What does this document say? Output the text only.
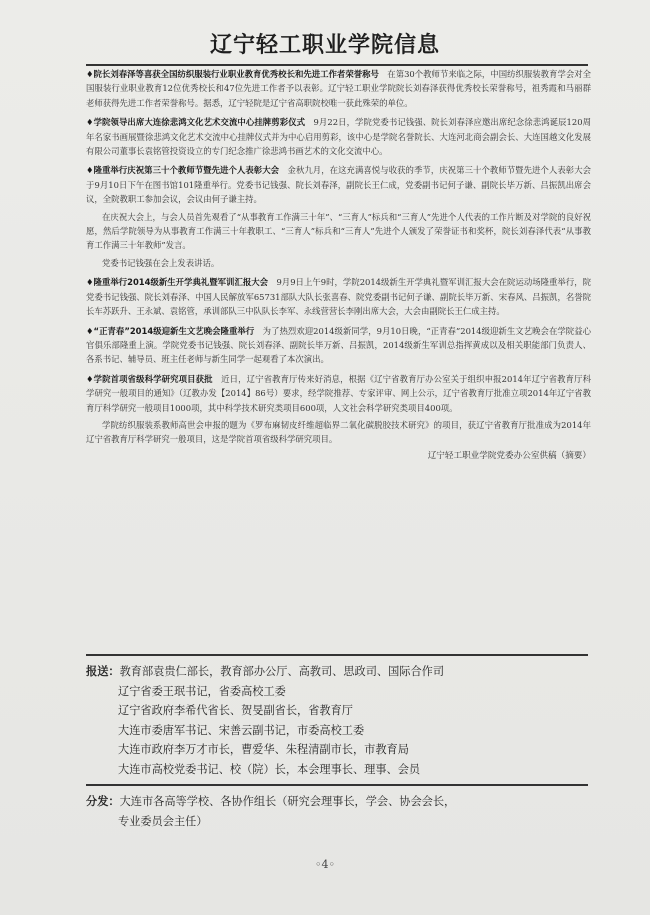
辽宁轻工职业学院信息

♦院长刘春泽等喜获全国纺织服装行业职业教育优秀校长和先进工作者荣誉称号  在第30个教师节来临之际，中国纺织服装教育学会对全国服装行业职业教育12位优秀校长和47位先进工作者予以表彰。辽宁轻工职业学院院长刘春泽获得优秀校长荣誉称号，祖秀霞和马丽群老师获得先进工作者荣誉称号。据悉，辽宁轻院是辽宁省高职院校唯一获此殊荣的单位。

♦学院领导出席大连徐悲鸿文化艺术交流中心挂牌剪彩仪式  9月22日，学院党委书记钱强、院长刘春泽应邀出席纪念徐悲鸿诞辰120周年名家书画展暨徐悲鸿文化艺术交流中心挂牌仪式并为中心启用剪彩，该中心是学院名誉院长、大连河北商会副会长、大连国越文化发展有限公司董事长袁铭管投资设立的专门纪念推广徐悲鸿书画艺术的文化交流中心。

♦隆重举行庆祝第三十个教师节暨先进个人表彰大会  金秋九月，在这充满喜悦与收获的季节，庆祝第三十个教师节暨先进个人表彰大会于9月10日下午在图书馆101隆重举行。党委书记钱强、院长刘春泽，副院长王仁成，党委副书记何子谦、副院长毕万新、吕振凯出席会议，全院教职工参加会议，会议由何子谦主持。

在庆祝大会上，与会人员首先观看了“从事教育工作满三十年”、“三育人”标兵和“三育人”先进个人代表的工作片断及对学院的良好祝愿，然后学院领导为从事教育工作满三十年教职工、“三育人”标兵和“三育人”先进个人颁发了荣誉证书和奖杯，院长刘春泽代表“从事教育工作满三十年教师”发言。

党委书记钱强在会上发表讲话。

♦隆重举行2014级新生开学典礼暨军训汇报大会  9月9日上午9时，学院2014级新生开学典礼暨军训汇报大会在院运动场隆重举行，院党委书记钱强、院长刘春泽、中国人民解放军65731部队大队长张喜春、院党委副书记何子谦、副院长毕万新、宋春风、吕振凯，名誉院长车苏跃升、王永斌、袁铭管，承训部队三中队队长李军、永线营营长李刚出席大会，大会由副院长王仁成主持。

♦“正青春”2014级迎新生文艺晚会隆重举行  为了热烈欢迎2014级新同学，9月10日晚，“正青春”2014级迎新生文艺晚会在学院益心官俱乐部隆重上演。学院党委书记钱强、院长刘春泽、副院长毕万新、吕振凯，2014级新生军训总指挥黄成以及相关职能部门负责人、各系书记、辅导员、班主任老师与新生同学一起观看了本次演出。

♦学院首项省级科学研究项目获批  近日，辽宁省教育厅传来好消息，根据《辽宁省教育厅办公室关于组织申报2014年辽宁省教育厅科学研究一般项目的通知》（辽教办发【2014】86号）要求，经学院推荐、专家评审、网上公示，辽宁省教育厅批准立项2014年辽宁省教育厅科学研究一般项目1000项，其中科学技术研究类项目600项，人文社会科学研究类项目400项。

学院纺织服装系教师高世会申报的题为《罗布麻韧皮纤维超临界二氧化碳脱胶技术研究》的项目，获辽宁省教育厅批准成为2014年辽宁省教育厅科学研究一般项目，这是学院首项省级科学研究项目。

辽宁轻工职业学院党委办公室供稿（摘要）

报送：教育部袁贵仁部长，教育部办公厅、高教司、思政司、国际合作司
辽宁省委王珉书记，省委高校工委
辽宁省政府李希代省长、贺旻副省长，省教育厅
大连市委唐军书记、宋善云副书记，市委高校工委
大连市政府李万才市长，曹爱华、朱程清副市长，市教育局
大连市高校党委书记、校（院）长，本会理事长、理事、会员
分发：大连市各高等学校、各协作组长（研究会理事长，学会、协会会长，
专业委员会主任）
◦4◦
